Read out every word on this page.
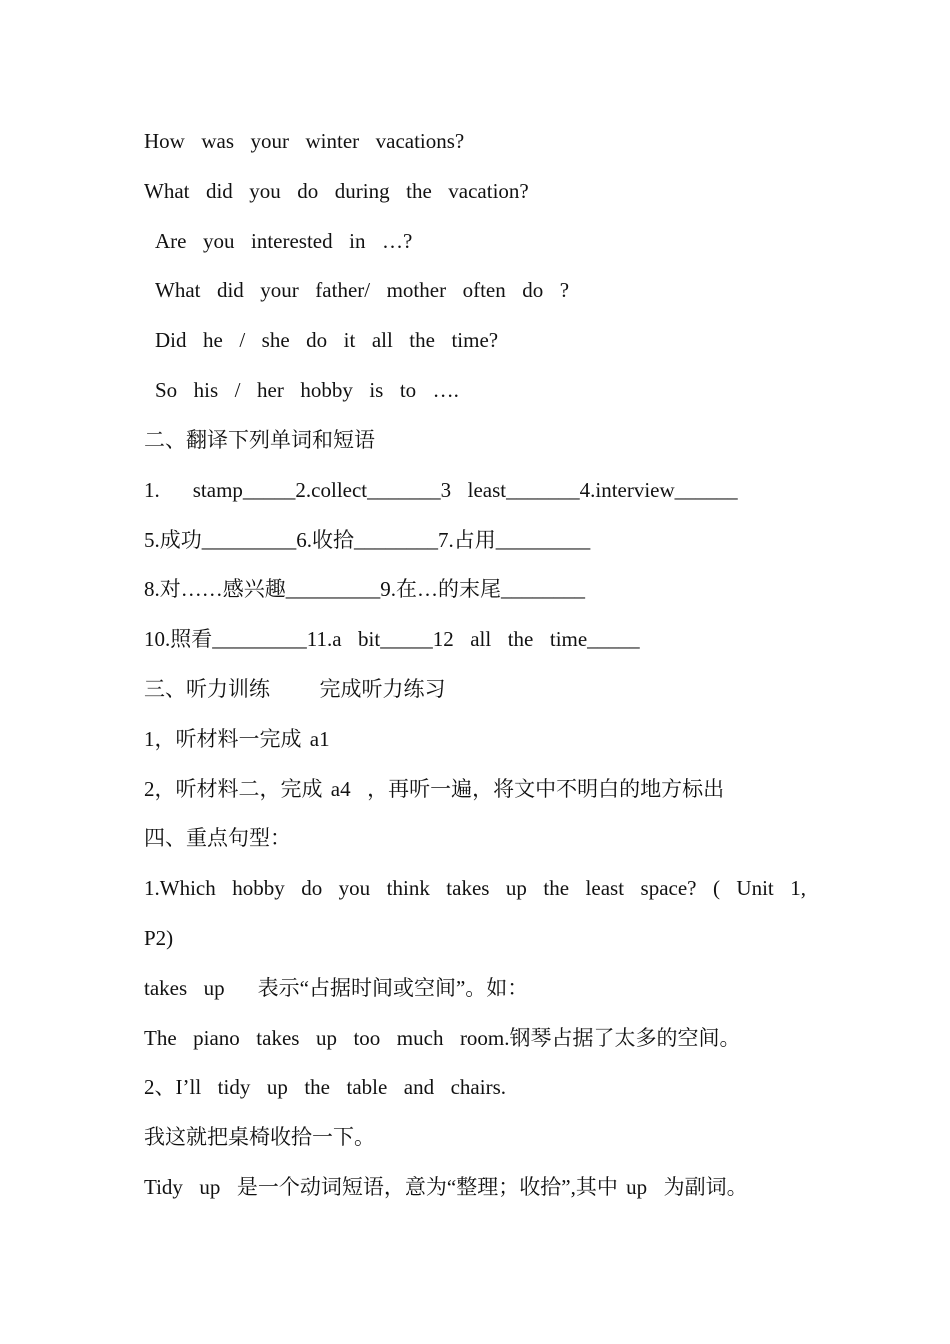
How  was  your  winter  vacations?
What  did  you  do  during  the  vacation?
Are  you  interested  in  …?
What  did  your  father/  mother  often  do  ?
Did  he  /  she  do  it  all  the  time?
So  his  /  her  hobby  is  to  ….
二、翻译下列单词和短语
1.    stamp_____2.collect_______3  least_______4.interview______
5.成功_________6.收拾________7.占用_________
8.对……感兴趣_________9.在…的末尾________
10.照看_________11.a  bit_____12  all  the  time_____
三、听力训练      完成听力练习
1，听材料一完成 a1
2，听材料二，完成 a4  ，再听一遍，将文中不明白的地方标出
四、重点句型：
1.Which hobby do you think takes up the least space? ( Unit 1,
P2)
takes  up    表示“占据时间或空间”。如：
The  piano  takes  up  too  much  room.钢琴占据了太多的空间。
2、I’ll  tidy  up  the  table  and  chairs.
我这就把桌椅收拾一下。
Tidy  up  是一个动词短语，意为“整理；收拾”,其中 up  为副词。
